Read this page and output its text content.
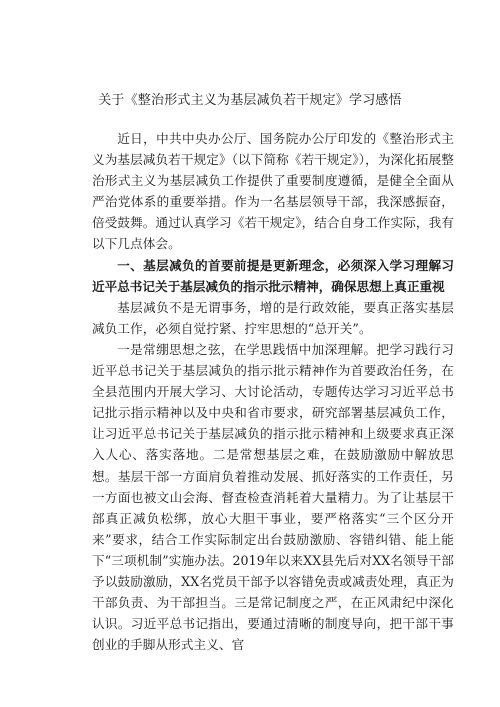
关于《整治形式主义为基层减负若干规定》学习感悟

近日，中共中央办公厅、国务院办公厅印发的《整治形式主义为基层减负若干规定》（以下简称《若干规定》），为深化拓展整治形式主义为基层减负工作提供了重要制度遵循，是健全全面从严治党体系的重要举措。作为一名基层领导干部，我深感振奋，倍受鼓舞。通过认真学习《若干规定》，结合自身工作实际，我有以下几点体会。

一、基层减负的首要前提是更新理念，必须深入学习理解习近平总书记关于基层减负的指示批示精神，确保思想上真正重视

基层减负不是无谓事务，增的是行政效能，要真正落实基层减负工作，必须自觉拧紧、拧牢思想的“总开关”。

一是常绷思想之弦，在学思践悟中加深理解。把学习践行习近平总书记关于基层减负的指示批示精神作为首要政治任务，在全县范围内开展大学习、大讨论活动，专题传达学习习近平总书记批示指示精神以及中央和省市要求，研究部署基层减负工作，让习近平总书记关于基层减负的指示批示精神和上级要求真正深入人心、落实落地。二是常想基层之难，在鼓励激励中解放思想。基层干部一方面肩负着推动发展、抓好落实的工作责任，另一方面也被文山会海、督查检查消耗着大量精力。为了让基层干部真正减负松绑，放心大胆干事业，要严格落实“三个区分开来”要求，结合工作实际制定出台鼓励激励、容错纠错、能上能下“三项机制”实施办法。2019年以来XX县先后对XX名领导干部予以鼓励激励，XX名党员干部予以容错免责或减责处理，真正为干部负责、为干部担当。三是常记制度之严，在正风肃纪中深化认识。习近平总书记指出，要通过清晰的制度导向，把干部干事创业的手脚从形式主义、官
